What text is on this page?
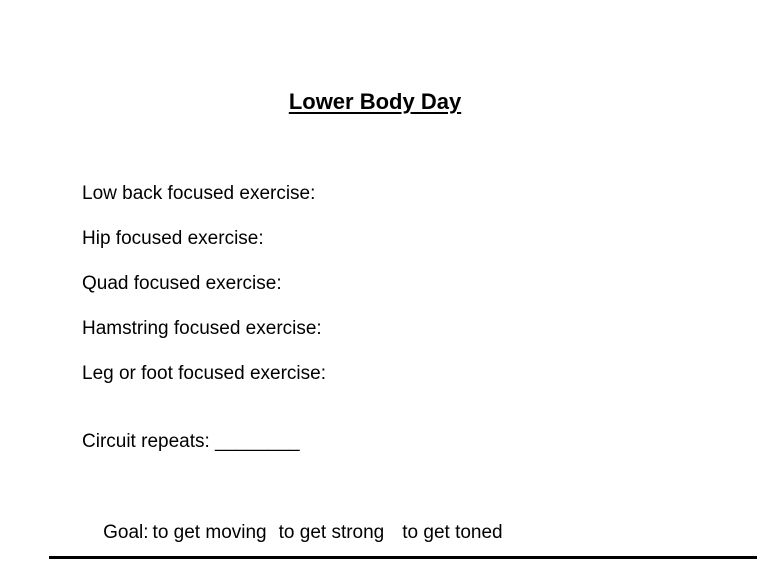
Lower Body Day
Low back focused exercise:
Hip focused exercise:
Quad focused exercise:
Hamstring focused exercise:
Leg or foot focused exercise:
Circuit repeats: ________

Goal: to get moving to get strong to get toned
